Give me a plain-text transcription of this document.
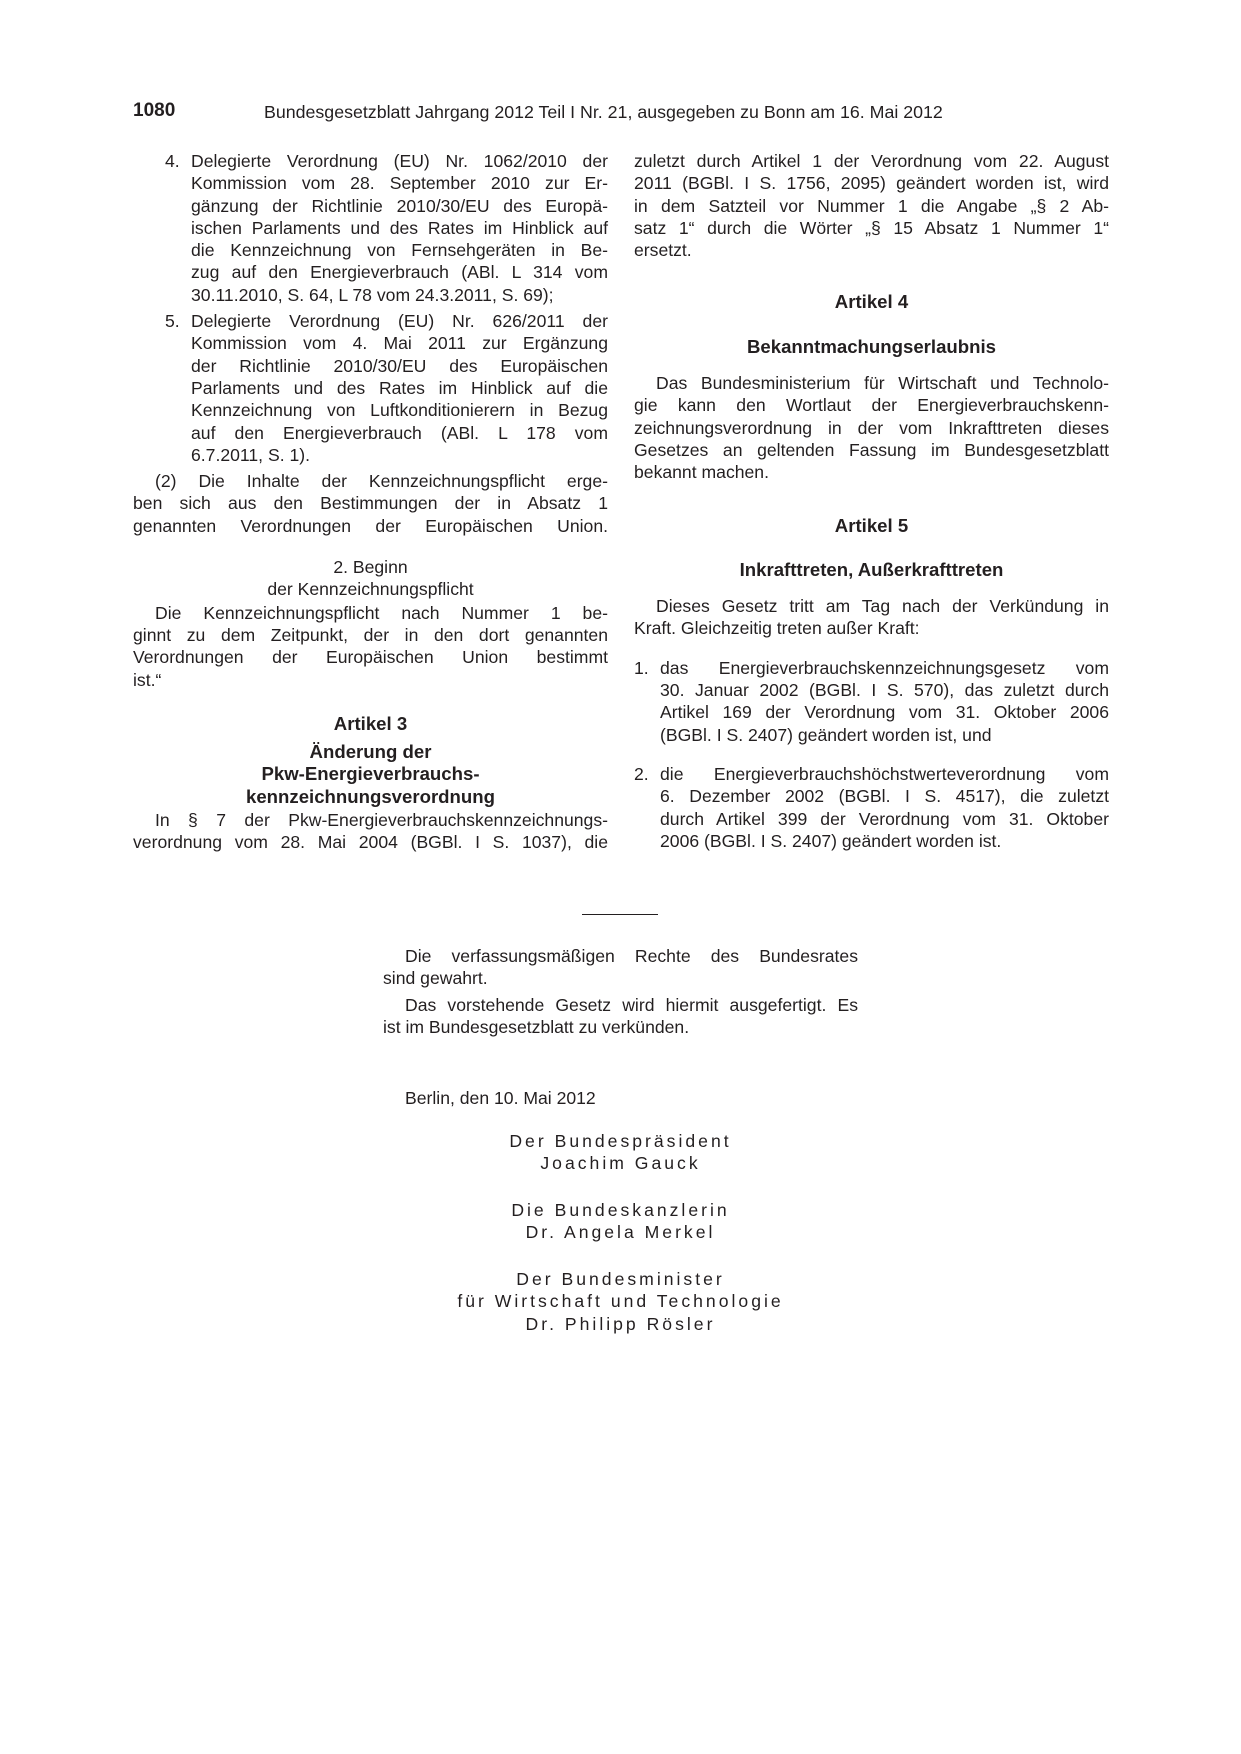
1080	Bundesgesetzblatt Jahrgang 2012 Teil I Nr. 21, ausgegeben zu Bonn am 16. Mai 2012
4. Delegierte Verordnung (EU) Nr. 1062/2010 der
Kommission vom 28. September 2010 zur Er-
gänzung der Richtlinie 2010/30/EU des Europä-
ischen Parlaments und des Rates im Hinblick auf
die Kennzeichnung von Fernsehgeräten in Be-
zug auf den Energieverbrauch (ABl. L 314 vom
30.11.2010, S. 64, L 78 vom 24.3.2011, S. 69);
5. Delegierte Verordnung (EU) Nr. 626/2011 der
Kommission vom 4. Mai 2011 zur Ergänzung
der Richtlinie 2010/30/EU des Europäischen
Parlaments und des Rates im Hinblick auf die
Kennzeichnung von Luftkonditionierern in Bezug
auf den Energieverbrauch (ABl. L 178 vom
6.7.2011, S. 1).
(2) Die Inhalte der Kennzeichnungspflicht erge-
ben sich aus den Bestimmungen der in Absatz 1
genannten Verordnungen der Europäischen Union.
2. Beginn
der Kennzeichnungspflicht
Die Kennzeichnungspflicht nach Nummer 1 be-
ginnt zu dem Zeitpunkt, der in den dort genannten
Verordnungen der Europäischen Union bestimmt
ist.“
Artikel 3
Änderung der
Pkw-Energieverbrauchs-
kennzeichnungsverordnung
In § 7 der Pkw-Energieverbrauchskennzeichnungs-
verordnung vom 28. Mai 2004 (BGBl. I S. 1037), die
zuletzt durch Artikel 1 der Verordnung vom 22. August
2011 (BGBl. I S. 1756, 2095) geändert worden ist, wird
in dem Satzteil vor Nummer 1 die Angabe „§ 2 Ab-
satz 1“ durch die Wörter „§ 15 Absatz 1 Nummer 1“
ersetzt.
Artikel 4
Bekanntmachungserlaubnis
Das Bundesministerium für Wirtschaft und Technolo-
gie kann den Wortlaut der Energieverbrauchskenn-
zeichnungsverordnung in der vom Inkrafttreten dieses
Gesetzes an geltenden Fassung im Bundesgesetzblatt
bekannt machen.
Artikel 5
Inkrafttreten, Außerkrafttreten
Dieses Gesetz tritt am Tag nach der Verkündung in
Kraft. Gleichzeitig treten außer Kraft:
1. das Energieverbrauchskennzeichnungsgesetz vom
30. Januar 2002 (BGBl. I S. 570), das zuletzt durch
Artikel 169 der Verordnung vom 31. Oktober 2006
(BGBl. I S. 2407) geändert worden ist, und
2. die Energieverbrauchshöchstwerteverordnung vom
6. Dezember 2002 (BGBl. I S. 4517), die zuletzt
durch Artikel 399 der Verordnung vom 31. Oktober
2006 (BGBl. I S. 2407) geändert worden ist.
Die verfassungsmäßigen Rechte des Bundesrates
sind gewahrt.
Das vorstehende Gesetz wird hiermit ausgefertigt. Es
ist im Bundesgesetzblatt zu verkünden.
Berlin, den 10. Mai 2012
Der Bundespräsident
Joachim Gauck
Die Bundeskanzlerin
Dr. Angela Merkel
Der Bundesminister
für Wirtschaft und Technologie
Dr. Philipp Rösler
